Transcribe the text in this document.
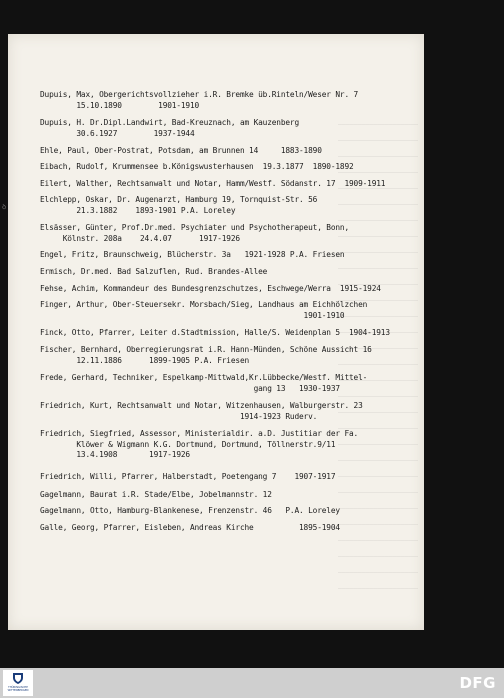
Dupuis, Max, Obergerichtsvollzieher i.R. Bremke üb.Rinteln/Weser Nr. 7
15.10.1890        1901-1910
Dupuis, H. Dr.Dipl.Landwirt, Bad-Kreuznach, am Kauzenberg
30.6.1927        1937-1944
Ehle, Paul, Ober-Postrat, Potsdam, am Brunnen 14     1883-1890
Eibach, Rudolf, Krummensee b.Königswusterhausen  19.3.1877  1890-1892
Eilert, Walther, Rechtsanwalt und Notar, Hamm/Westf. Södanstr. 17  1909-1911
Elchlepp, Oskar, Dr. Augenarzt, Hamburg 19, Tornquist-Str. 56
21.3.1882    1893-1901 P.A. Loreley
Elsässer, Günter, Prof.Dr.med. Psychiater und Psychotherapeut, Bonn,
Kölnstr. 208a    24.4.07      1917-1926
Engel, Fritz, Braunschweig, Blücherstr. 3a   1921-1928 P.A. Friesen
Ermisch, Dr.med. Bad Salzuflen, Rud. Brandes-Allee
Fehse, Achim, Kommandeur des Bundesgrenzschutzes, Eschwege/Werra  1915-1924
Finger, Arthur, Ober-Steuersekr. Morsbach/Sieg, Landhaus am Eichhölzchen
1901-1910
Finck, Otto, Pfarrer, Leiter d.Stadtmission, Halle/S. Weidenplan 5  1904-1913
Fischer, Bernhard, Oberregierungsrat i.R. Hann-Münden, Schöne Aussicht 16
12.11.1886      1899-1905 P.A. Friesen
Frede, Gerhard, Techniker, Espelkamp-Mittwald,Kr.Lübbecke/Westf. Mittel-
gang 13   1930-1937
Friedrich, Kurt, Rechtsanwalt und Notar, Witzenhausen, Walburgerstr. 23
1914-1923 Ruderv.
Friedrich, Siegfried, Assessor, Ministerialdir. a.D. Justitiar der Fa.
Klöwer & Wigmann K.G. Dortmund, Dortmund, Töllnerstr.9/11
13.4.1908       1917-1926
Friedrich, Willi, Pfarrer, Halberstadt, Poetengang 7    1907-1917
Gagelmann, Baurat i.R. Stade/Elbe, Jobelmannstr. 12
Gagelmann, Otto, Hamburg-Blankenese, Frenzenstr. 46   P.A. Loreley
Galle, Georg, Pfarrer, Eisleben, Andreas Kirche          1895-1904
ꝺ
THÜRINGISCHE
WITTENBERGEN	DFG
